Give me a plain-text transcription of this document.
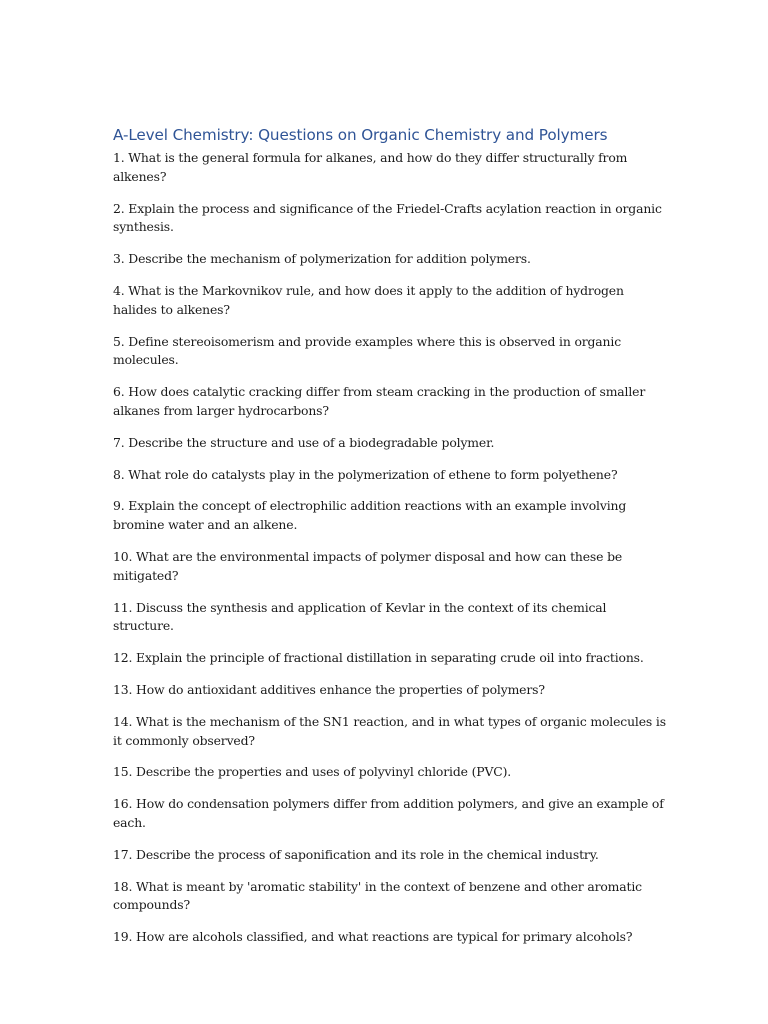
A-Level Chemistry: Questions on Organic Chemistry and Polymers
1. What is the general formula for alkanes, and how do they differ structurally from alkenes?
2. Explain the process and significance of the Friedel-Crafts acylation reaction in organic synthesis.
3. Describe the mechanism of polymerization for addition polymers.
4. What is the Markovnikov rule, and how does it apply to the addition of hydrogen halides to alkenes?
5. Define stereoisomerism and provide examples where this is observed in organic molecules.
6. How does catalytic cracking differ from steam cracking in the production of smaller alkanes from larger hydrocarbons?
7. Describe the structure and use of a biodegradable polymer.
8. What role do catalysts play in the polymerization of ethene to form polyethene?
9. Explain the concept of electrophilic addition reactions with an example involving bromine water and an alkene.
10. What are the environmental impacts of polymer disposal and how can these be mitigated?
11. Discuss the synthesis and application of Kevlar in the context of its chemical structure.
12. Explain the principle of fractional distillation in separating crude oil into fractions.
13. How do antioxidant additives enhance the properties of polymers?
14. What is the mechanism of the SN1 reaction, and in what types of organic molecules is it commonly observed?
15. Describe the properties and uses of polyvinyl chloride (PVC).
16. How do condensation polymers differ from addition polymers, and give an example of each.
17. Describe the process of saponification and its role in the chemical industry.
18. What is meant by 'aromatic stability' in the context of benzene and other aromatic compounds?
19. How are alcohols classified, and what reactions are typical for primary alcohols?
